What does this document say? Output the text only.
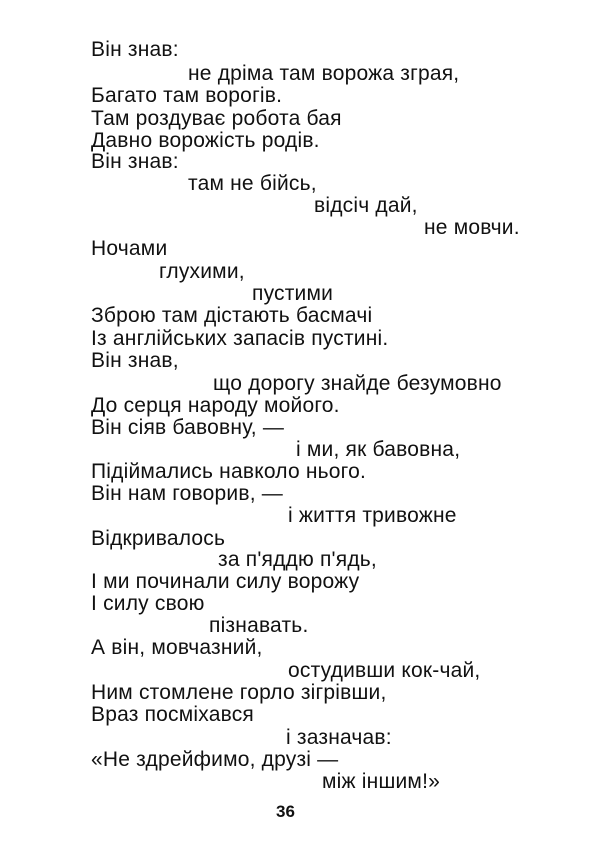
Він знав:
не дріма там ворожа зграя,
Багато там ворогів.
Там роздуває робота бая
Давно ворожість родів.
Він знав:
там не бійсь,
відсіч дай,
не мовчи.
Ночами
глухими,
пустими
Зброю там дістають басмачі
Із англійських запасів пустині.
Він знав,
що дорогу знайде безумовно
До серця народу мойого.
Він сіяв бавовну, —
і ми, як бавовна,
Підіймались навколо нього.
Він нам говорив, —
і життя тривожне
Відкривалось
за п'яддю п'ядь,
І ми починали силу ворожу
І силу свою
пізнавать.
А він, мовчазний,
остудивши кок-чай,
Ним стомлене горло зігрівши,
Враз посміхався
і зазначав:
«Не здрейфимо, друзі —
між іншим!»
36
